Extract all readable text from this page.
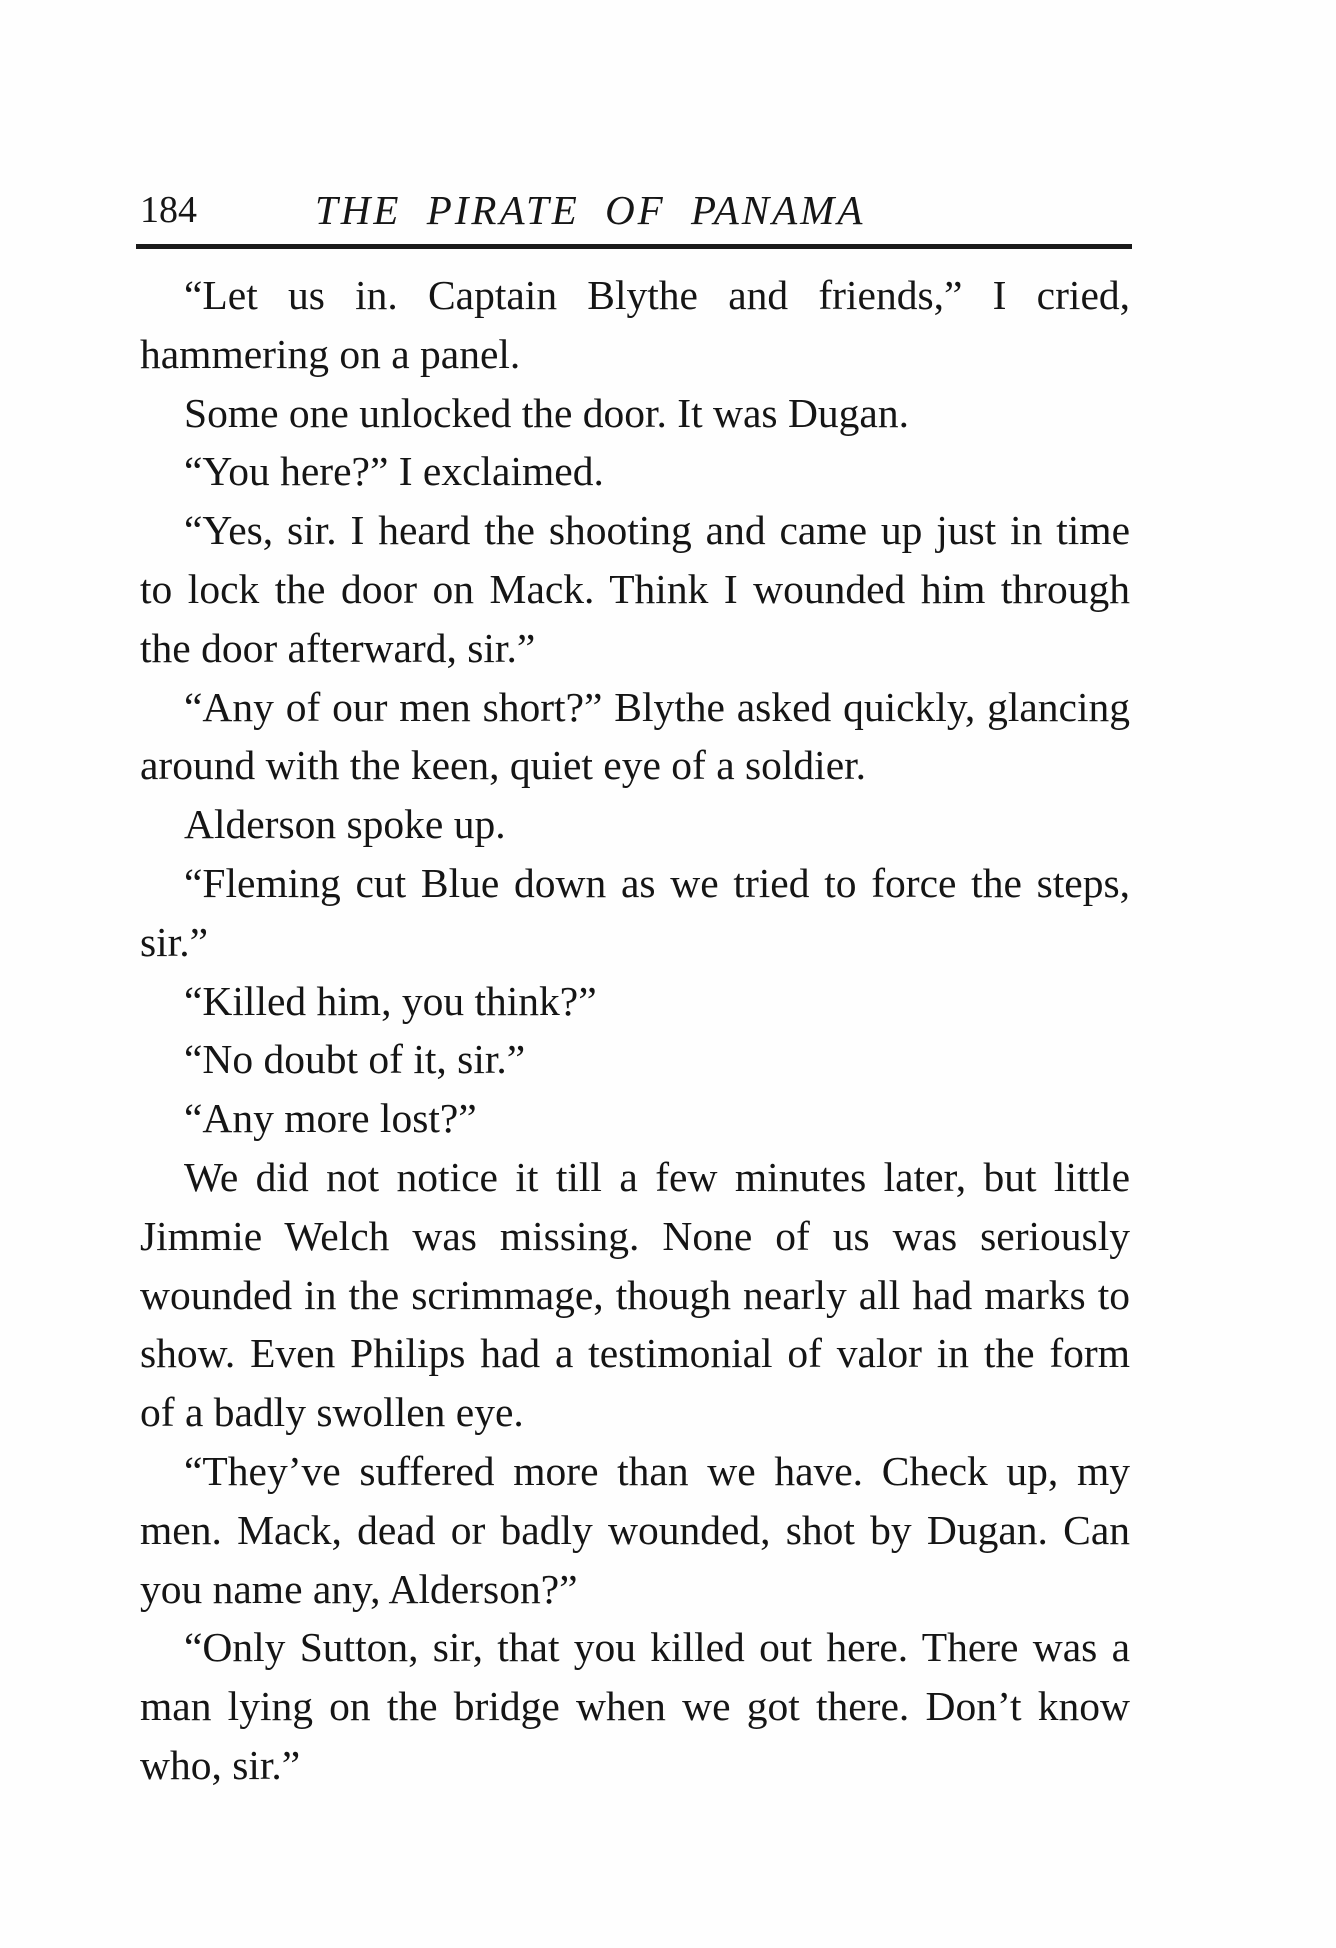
184	THE PIRATE OF PANAMA

“Let us in. Captain Blythe and friends,” I cried, hammering on a panel.

Some one unlocked the door. It was Dugan.

“You here?” I exclaimed.

“Yes, sir. I heard the shooting and came up just in time to lock the door on Mack. Think I wounded him through the door afterward, sir.”

“Any of our men short?” Blythe asked quickly, glancing around with the keen, quiet eye of a soldier.

Alderson spoke up.

“Fleming cut Blue down as we tried to force the steps, sir.”

“Killed him, you think?”

“No doubt of it, sir.”

“Any more lost?”

We did not notice it till a few minutes later, but little Jimmie Welch was missing. None of us was seriously wounded in the scrimmage, though nearly all had marks to show. Even Philips had a testimonial of valor in the form of a badly swollen eye.

“They’ve suffered more than we have. Check up, my men. Mack, dead or badly wounded, shot by Dugan. Can you name any, Alderson?”

“Only Sutton, sir, that you killed out here. There was a man lying on the bridge when we got there. Don’t know who, sir.”
